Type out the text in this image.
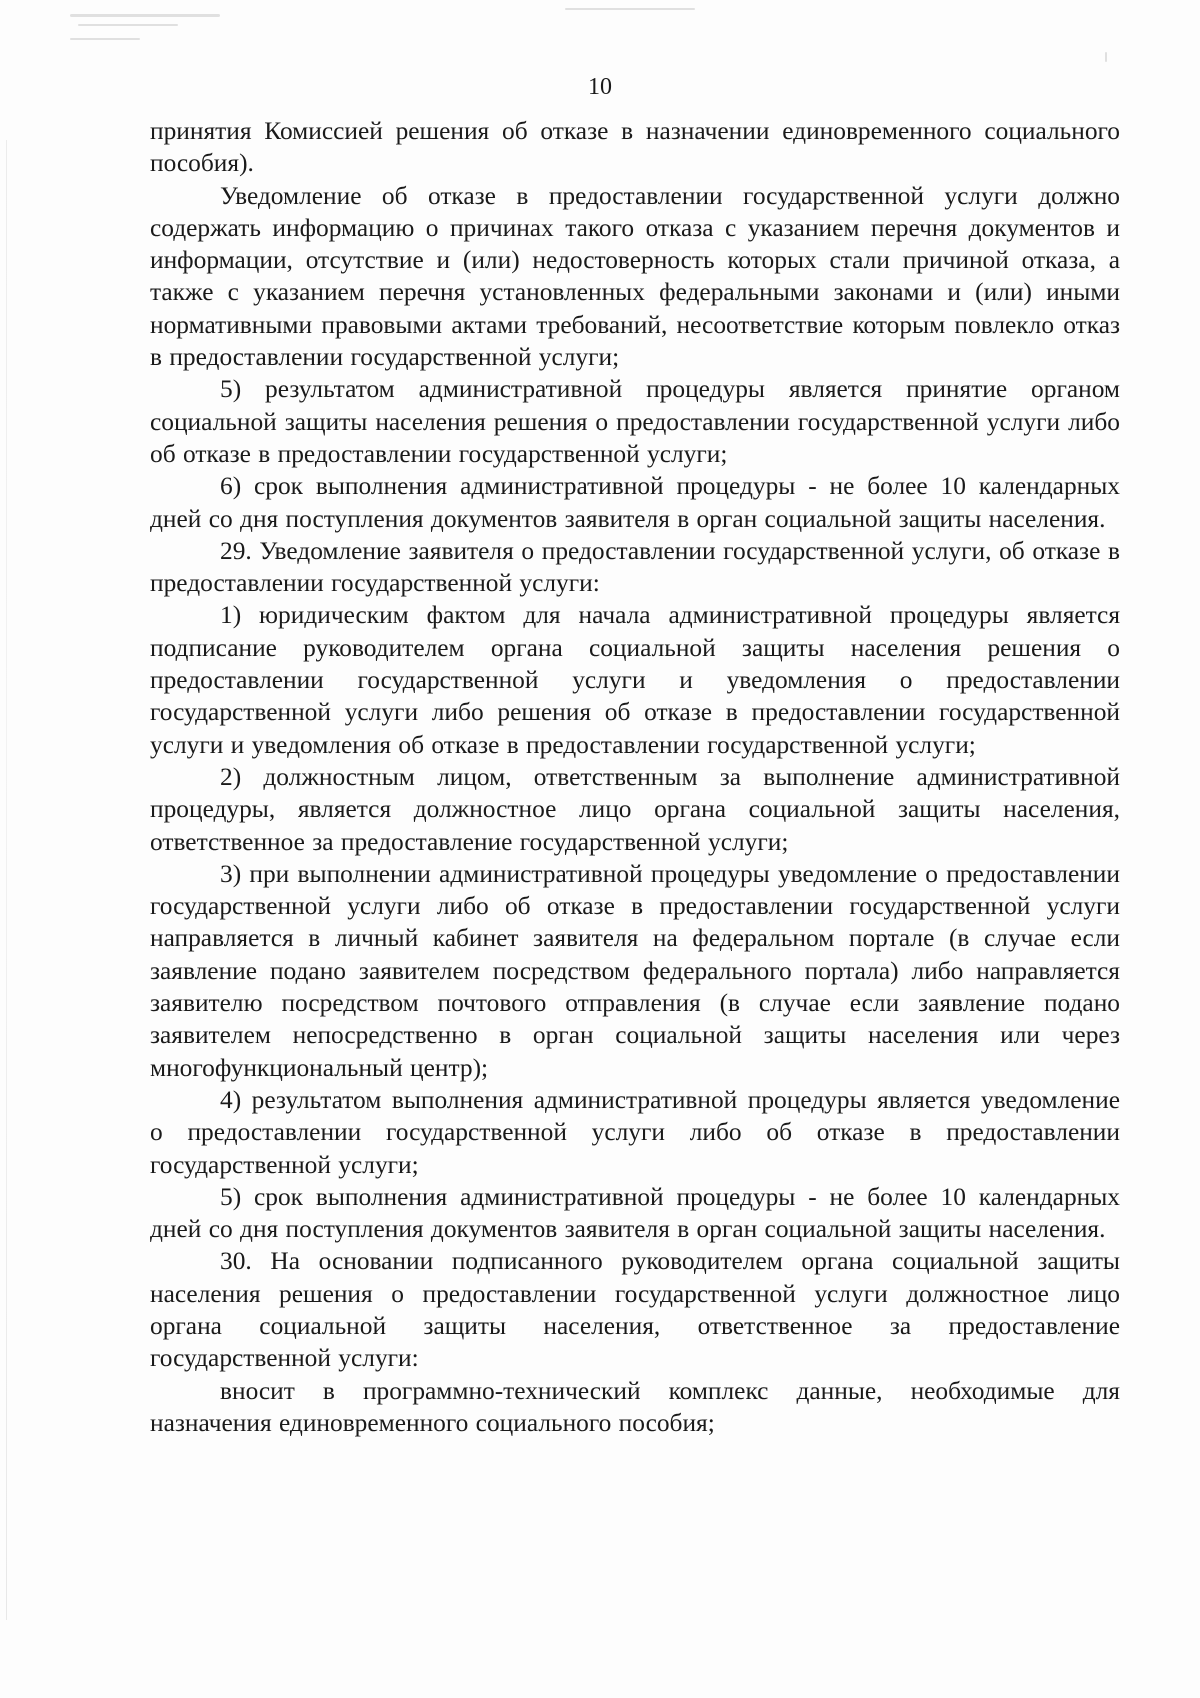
10

принятия Комиссией решения об отказе в назначении единовременного социального пособия).

Уведомление об отказе в предоставлении государственной услуги должно содержать информацию о причинах такого отказа с указанием перечня документов и информации, отсутствие и (или) недостоверность которых стали причиной отказа, а также с указанием перечня установленных федеральными законами и (или) иными нормативными правовыми актами требований, несоответствие которым повлекло отказ в предоставлении государственной услуги;

5) результатом административной процедуры является принятие органом социальной защиты населения решения о предоставлении государственной услуги либо об отказе в предоставлении государственной услуги;

6) срок выполнения административной процедуры - не более 10 календарных дней со дня поступления документов заявителя в орган социальной защиты населения.

29. Уведомление заявителя о предоставлении государственной услуги, об отказе в предоставлении государственной услуги:

1) юридическим фактом для начала административной процедуры является подписание руководителем органа социальной защиты населения решения о предоставлении государственной услуги и уведомления о предоставлении государственной услуги либо решения об отказе в предоставлении государственной услуги и уведомления об отказе в предоставлении государственной услуги;

2) должностным лицом, ответственным за выполнение административной процедуры, является должностное лицо органа социальной защиты населения, ответственное за предоставление государственной услуги;

3) при выполнении административной процедуры уведомление о предоставлении государственной услуги либо об отказе в предоставлении государственной услуги направляется в личный кабинет заявителя на федеральном портале (в случае если заявление подано заявителем посредством федерального портала) либо направляется заявителю посредством почтового отправления (в случае если заявление подано заявителем непосредственно в орган социальной защиты населения или через многофункциональный центр);

4) результатом выполнения административной процедуры является уведомление о предоставлении государственной услуги либо об отказе в предоставлении государственной услуги;

5) срок выполнения административной процедуры - не более 10 календарных дней со дня поступления документов заявителя в орган социальной защиты населения.

30. На основании подписанного руководителем органа социальной защиты населения решения о предоставлении государственной услуги должностное лицо органа социальной защиты населения, ответственное за предоставление государственной услуги:

вносит в программно-технический комплекс данные, необходимые для назначения единовременного социального пособия;
